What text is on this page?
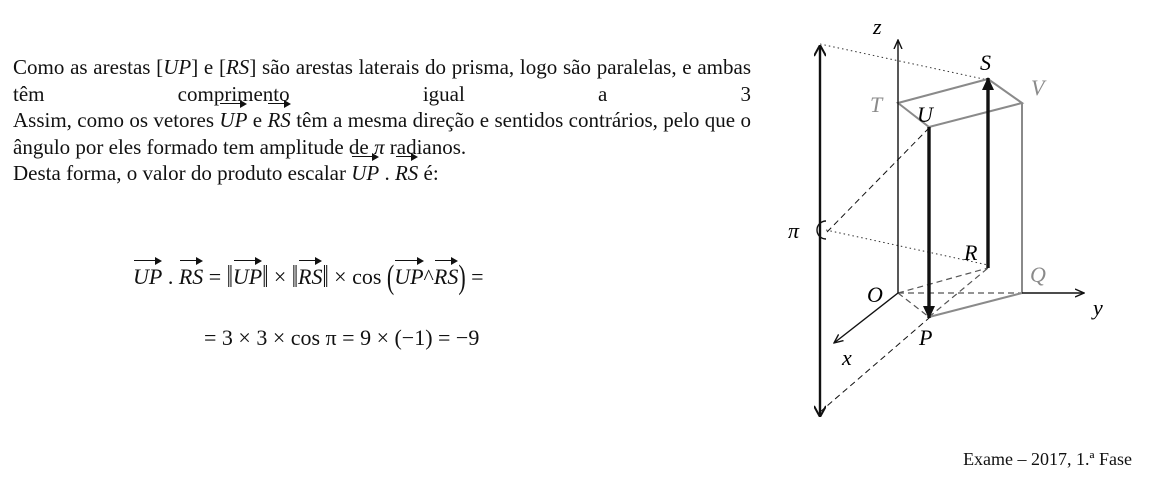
Como as arestas [UP] e [RS] são arestas laterais do prisma, logo são paralelas, e ambas têm comprimento igual a 3

Assim, como os vetores
UP e
RS têm a mesma direção e sentidos contrários, pelo que o ângulo por eles formado tem amplitude de π radianos.

Desta forma, o valor do produto escalar
UP .
RS é:

UP .
RS = ‖
UP‖ × ‖
RS‖ × cos (
UP^
RS) =
= 3 × 3 × cos π = 9 × (−1) = −9
z
y
x
O
P
Q
R
S
T U
V
π
Exame – 2017, 1.ª Fase
